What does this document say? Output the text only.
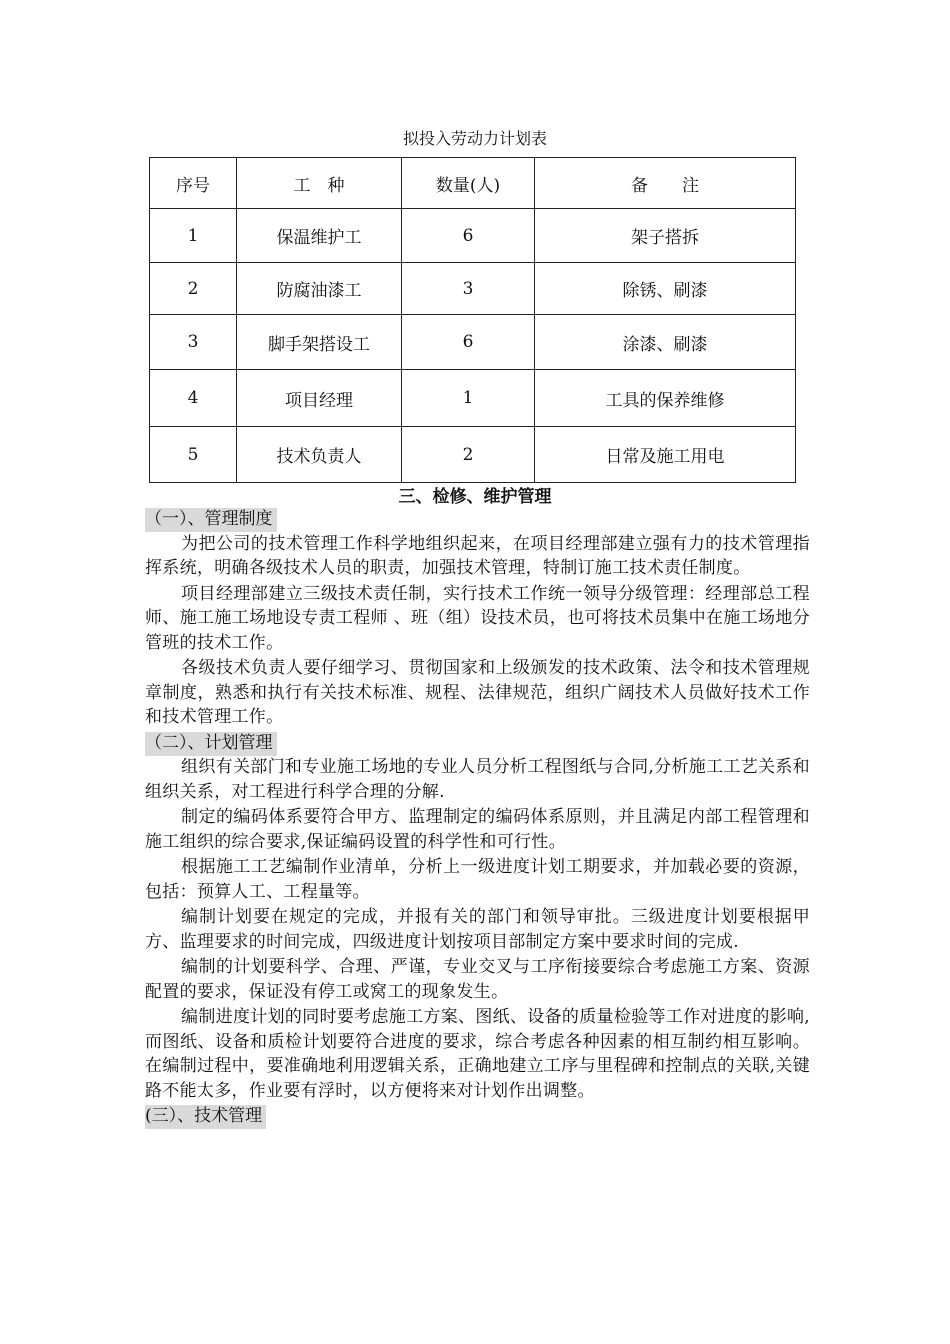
拟投入劳动力计划表
序号	工　种	数量(人)	备　　注
1	保温维护工	6	架子搭拆
2	防腐油漆工	3	除锈、刷漆
3	脚手架搭设工	6	涂漆、刷漆
4	项目经理	1	工具的保养维修
5	技术负责人	2	日常及施工用电
三、检修、维护管理
（一）、管理制度

为把公司的技术管理工作科学地组织起来，在项目经理部建立强有力的技术管理指挥系统，明确各级技术人员的职责，加强技术管理，特制订施工技术责任制度。

项目经理部建立三级技术责任制，实行技术工作统一领导分级管理：经理部总工程师、施工施工场地设专责工程师 、班（组）设技术员，也可将技术员集中在施工场地分管班的技术工作。

各级技术负责人要仔细学习、贯彻国家和上级颁发的技术政策、法令和技术管理规章制度，熟悉和执行有关技术标准、规程、法律规范，组织广阔技术人员做好技术工作和技术管理工作。

（二）、计划管理

组织有关部门和专业施工场地的专业人员分析工程图纸与合同,分析施工工艺关系和组织关系，对工程进行科学合理的分解.

制定的编码体系要符合甲方、监理制定的编码体系原则，并且满足内部工程管理和施工组织的综合要求,保证编码设置的科学性和可行性。

根据施工工艺编制作业清单，分析上一级进度计划工期要求，并加载必要的资源，包括：预算人工、工程量等。

编制计划要在规定的完成，并报有关的部门和领导审批。三级进度计划要根据甲方、监理要求的时间完成，四级进度计划按项目部制定方案中要求时间的完成.

编制的计划要科学、合理、严谨，专业交叉与工序衔接要综合考虑施工方案、资源配置的要求，保证没有停工或窝工的现象发生。

编制进度计划的同时要考虑施工方案、图纸、设备的质量检验等工作对进度的影响,而图纸、设备和质检计划要符合进度的要求，综合考虑各种因素的相互制约相互影响。在编制过程中，要准确地利用逻辑关系，正确地建立工序与里程碑和控制点的关联,关键路不能太多，作业要有浮时，以方便将来对计划作出调整。

(三）、技术管理
